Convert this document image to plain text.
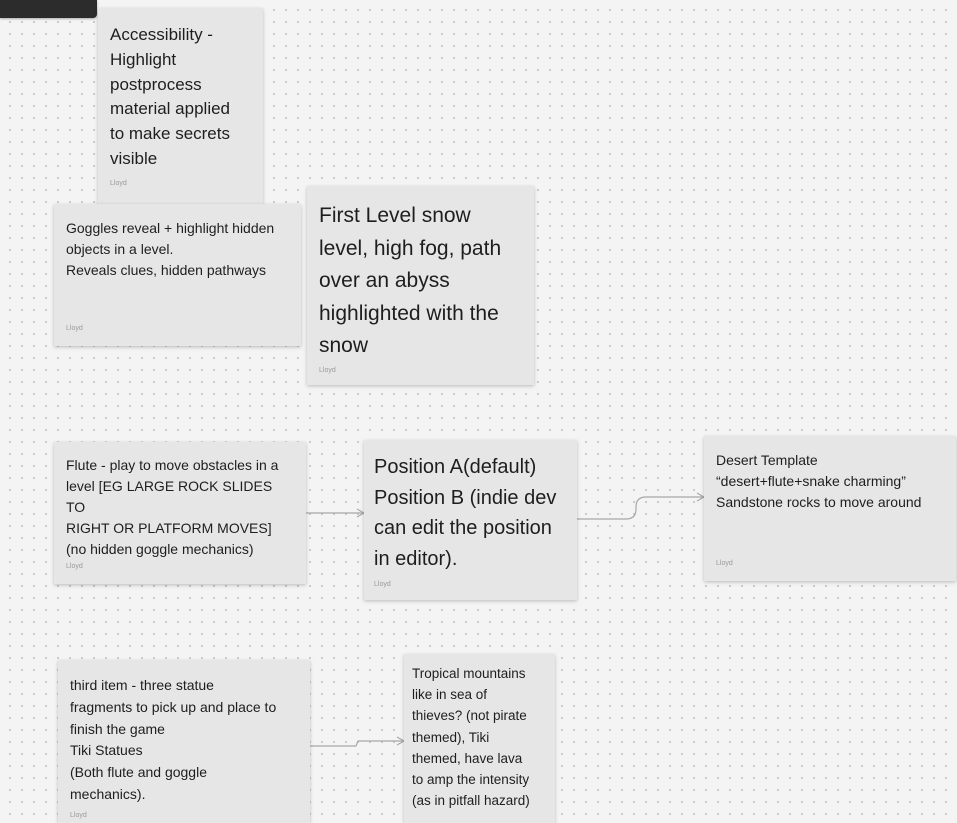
Accessibility -
Highlight
postprocess
material applied
to make secrets
visible
Lloyd
Goggles reveal + highlight hidden
objects in a level.
Reveals clues, hidden pathways
Lloyd
First Level snow
level, high fog, path
over an abyss
highlighted with the
snow
Lloyd
Flute - play to move obstacles in a
level [EG LARGE ROCK SLIDES TO
RIGHT OR PLATFORM MOVES]
(no hidden goggle mechanics)
Lloyd
Position A(default)
Position B (indie dev
can edit the position
in editor).
Lloyd
Desert Template
“desert+flute+snake charming”
Sandstone rocks to move around
Lloyd
third item - three statue
fragments to pick up and place to
finish the game
Tiki Statues
(Both flute and goggle
mechanics).
Lloyd
Tropical mountains
like in sea of
thieves? (not pirate
themed), Tiki
themed, have lava
to amp the intensity
(as in pitfall hazard)
